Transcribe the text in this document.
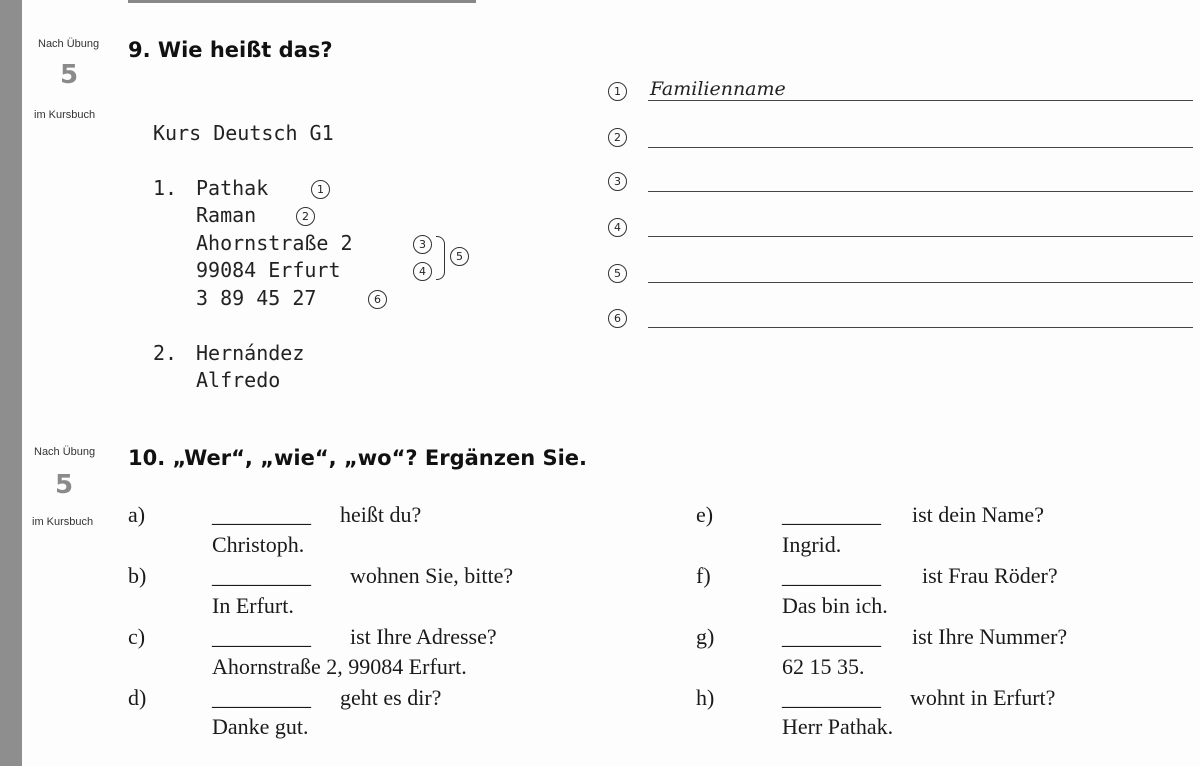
Nach Übung
5
im Kursbuch
9. Wie heißt das?
Kurs Deutsch G1
1. Pathak	1
Raman	2
Ahornstraße 2	3
99084 Erfurt	4
5
3 89 45 27	6
2. Hernández
Alfredo
1	Familienname
2
3
4
5
6
Nach Übung
5
im Kursbuch
10. „Wer“, „wie“, „wo“? Ergänzen Sie.
a)	_________ heißt du?
Christoph.
b)	_________ wohnen Sie, bitte?
In Erfurt.
c)	_________ ist Ihre Adresse?
Ahornstraße 2, 99084 Erfurt.
d)	_________ geht es dir?
Danke gut.
e)	_________ ist dein Name?
Ingrid.
f)	_________ ist Frau Röder?
Das bin ich.
g)	_________ ist Ihre Nummer?
62 15 35.
h)	_________ wohnt in Erfurt?
Herr Pathak.
